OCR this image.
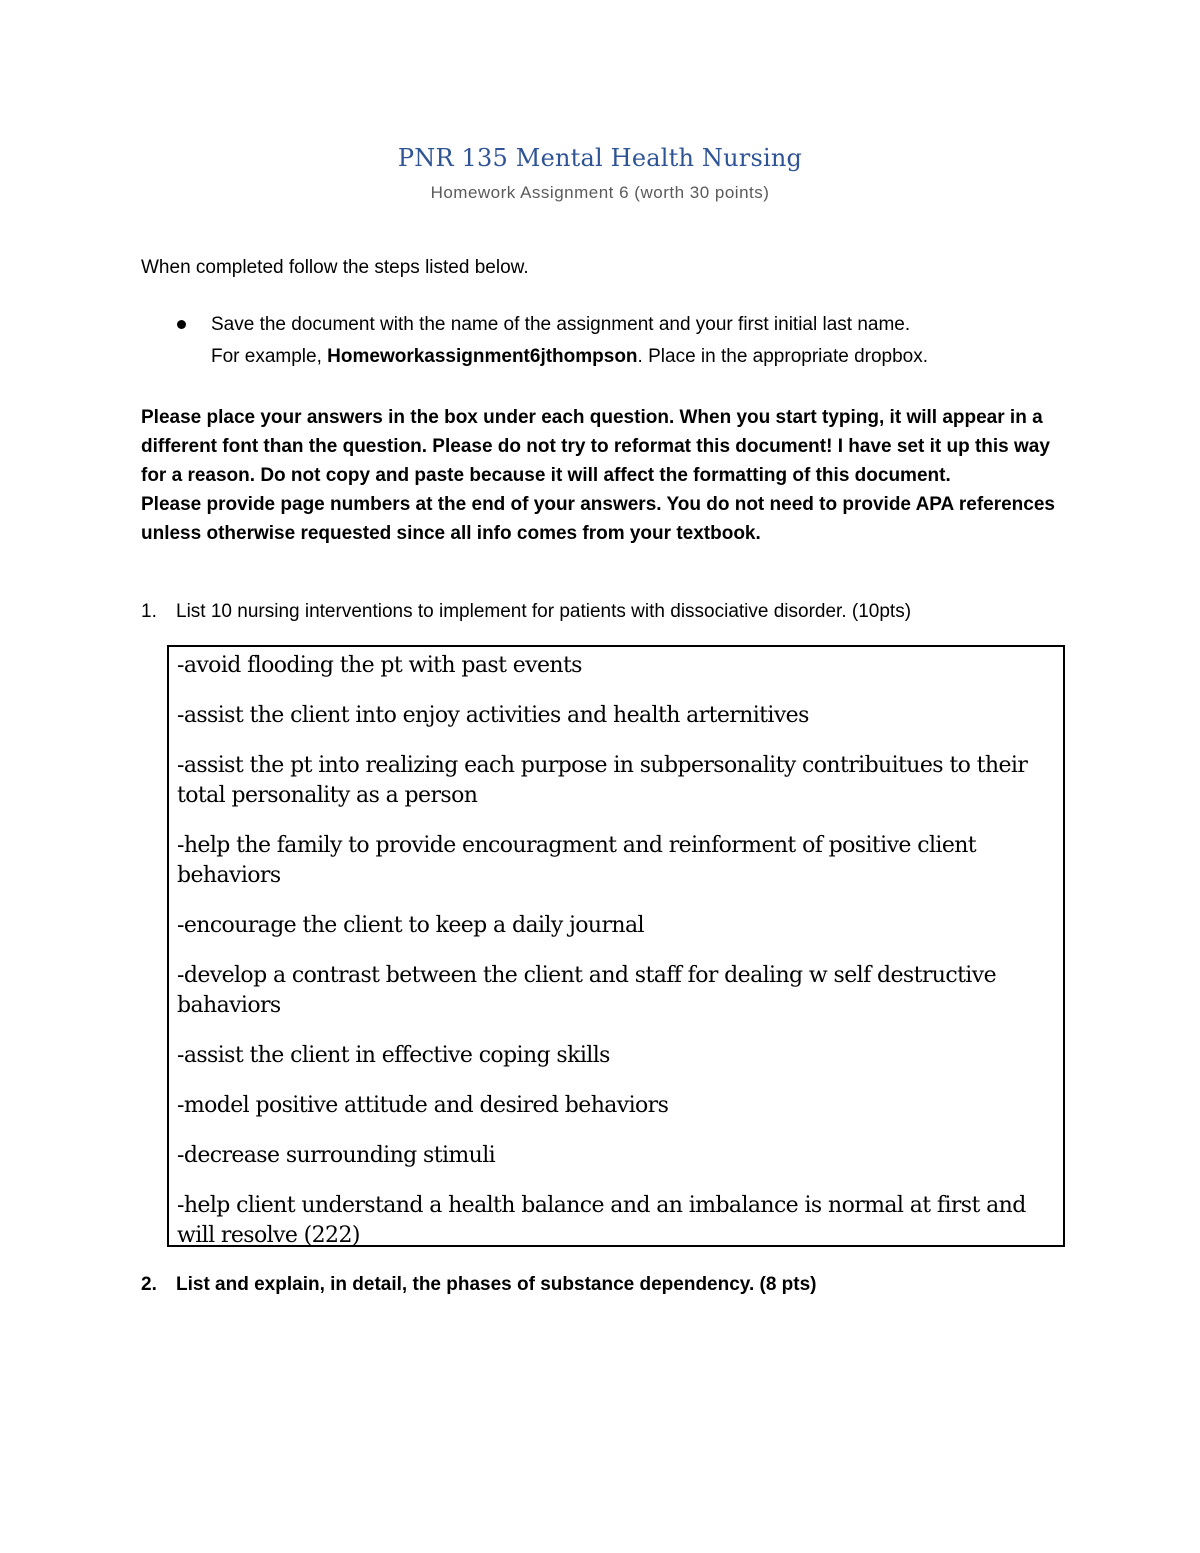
PNR 135 Mental Health Nursing
Homework Assignment 6 (worth 30 points)
When completed follow the steps listed below.
Save the document with the name of the assignment and your first initial last name.
For example, Homeworkassignment6jthompson. Place in the appropriate dropbox.

Please place your answers in the box under each question. When you start typing, it will appear in a different font than the question. Please do not try to reformat this document! I have set it up this way for a reason. Do not copy and paste because it will affect the formatting of this document.

Please provide page numbers at the end of your answers. You do not need to provide APA references unless otherwise requested since all info comes from your textbook.

1. List 10 nursing interventions to implement for patients with dissociative disorder. (10pts)
-avoid flooding the pt with past events
-assist the client into enjoy activities and health arternitives
-assist the pt into realizing each purpose in subpersonality contribuitues to their total personality as a person
-help the family to provide encouragment and reinforment of positive client behaviors
-encourage the client to keep a daily journal
-develop a contrast between the client and staff for dealing w self destructive bahaviors
-assist the client in effective coping skills
-model positive attitude and desired behaviors
-decrease surrounding stimuli
-help client understand a health balance and an imbalance is normal at first and will resolve (222)
2. List and explain, in detail, the phases of substance dependency. (8 pts)
